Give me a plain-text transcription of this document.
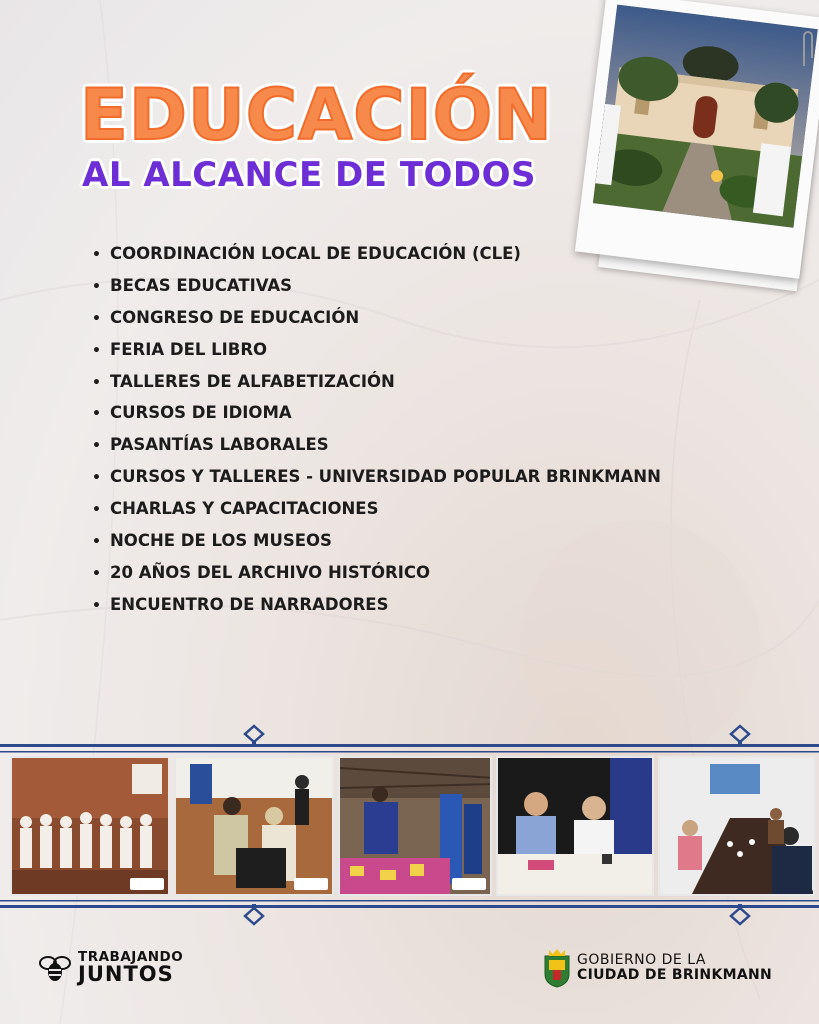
EDUCACIÓN
AL ALCANCE DE TODOS
• COORDINACIÓN LOCAL DE EDUCACIÓN (CLE)
• BECAS EDUCATIVAS
• CONGRESO DE EDUCACIÓN
• FERIA DEL LIBRO
• TALLERES DE ALFABETIZACIÓN
• CURSOS DE IDIOMA
• PASANTÍAS LABORALES
• CURSOS Y TALLERES - UNIVERSIDAD POPULAR BRINKMANN
• CHARLAS Y CAPACITACIONES
• NOCHE DE LOS MUSEOS
• 20 AÑOS DEL ARCHIVO HISTÓRICO
• ENCUENTRO DE NARRADORES
TRABAJANDO
JUNTOS
GOBIERNO DE LA
CIUDAD DE BRINKMANN
